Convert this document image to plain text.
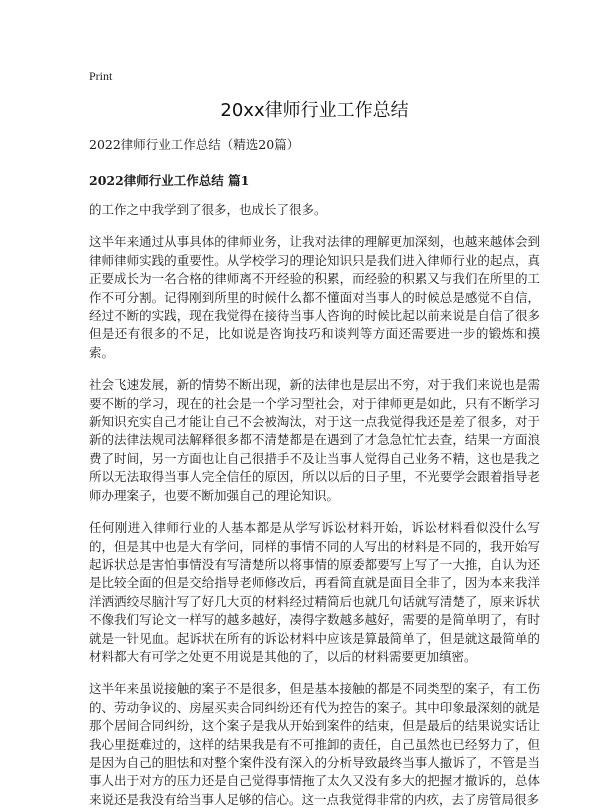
Print
20xx律师行业工作总结
2022律师行业工作总结（精选20篇）
2022律师行业工作总结 篇1

的工作之中我学到了很多，也成长了很多。

这半年来通过从事具体的律师业务，让我对法律的理解更加深刻，也越来越体会到律师律师实践的重要性。从学校学习的理论知识只是我们进入律师行业的起点，真正要成长为一名合格的律师离不开经验的积累，而经验的积累又与我们在所里的工作不可分割。记得刚到所里的时候什么都不懂面对当事人的时候总是感觉不自信，经过不断的实践，现在我觉得在接待当事人咨询的时候比起以前来说是自信了很多但是还有很多的不足，比如说是咨询技巧和谈判等方面还需要进一步的锻炼和摸索。

社会飞速发展，新的情势不断出现，新的法律也是层出不穷，对于我们来说也是需要不断的学习，现在的社会是一个学习型社会，对于律师更是如此，只有不断学习新知识充实自己才能让自己不会被淘汰，对于这一点我觉得我还是差了很多，对于新的法律法规司法解释很多都不清楚都是在遇到了才急急忙忙去查，结果一方面浪费了时间，另一方面也让自己很措手不及让当事人觉得自己业务不精，这也是我之所以无法取得当事人完全信任的原因，所以以后的日子里，不光要学会跟着指导老师办理案子，也要不断加强自己的理论知识。

任何刚进入律师行业的人基本都是从学写诉讼材料开始，诉讼材料看似没什么写的，但是其中也是大有学问，同样的事情不同的人写出的材料是不同的，我开始写起诉状总是害怕事情没有写清楚所以将事情的原委都要写上写了一大推，自认为还是比较全面的但是交给指导老师修改后，再看简直就是面目全非了，因为本来我洋洋洒洒绞尽脑汁写了好几大页的材料经过精简后也就几句话就写清楚了，原来诉状不像我们写论文一样写的越多越好，凑得字数越多越好，需要的是简单明了，有时就是一针见血。起诉状在所有的诉讼材料中应该是算最简单了，但是就这最简单的材料都大有可学之处更不用说是其他的了，以后的材料需要更加缜密。

这半年来虽说接触的案子不是很多，但是基本接触的都是不同类型的案子，有工伤的、劳动争议的、房屋买卖合同纠纷还有代为控告的案子。其中印象最深刻的就是那个居间合同纠纷，这个案子是我从开始到案件的结束，但是最后的结果说实话让我心里挺难过的，这样的结果我是有不可推卸的责任，自己虽然也已经努力了，但是因为自己的胆怯和对整个案件没有深入的分析导致最终当事人撤诉了，不管是当事人出于对方的压力还是自己觉得事情拖了太久又没有多大的把握才撤诉的，总体来说还是我没有给当事人足够的信心。这一点我觉得非常的内疚，去了房管局很多
